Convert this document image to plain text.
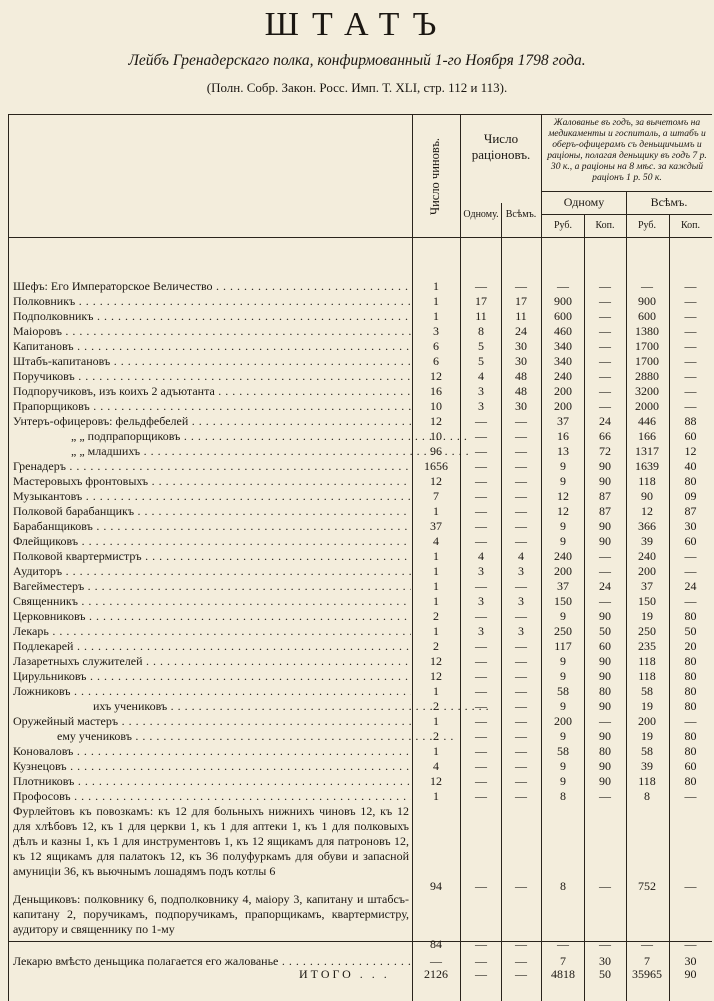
ШТАТЪ
Лейбъ Гренадерскаго полка, конфирмованный 1-го Ноября 1798 года.
(Полн. Собр. Закон. Росс. Имп. Т. XLI, стр. 112 и 113).
Число чиновъ.	Число раціоновъ.
Одному. Всѣмъ.
Жалованье въ годъ, за вычетомъ на медикаменты и госпиталь, а штабъ и оберъ-офицерамъ съ деньщичьимъ и раціоны, полагая деньщику въ годъ 7 р. 30 к., а раціоны на 8 мѣс. за каждый раціонъ 1 р. 50 к.
Одному	Всѣмъ.
Руб.	Коп.	Руб.	Коп.
Шефъ: Его Императорское Величество . . .	1	—	—	—	—	—	—
Полковникъ . . .	1	17	17	900	—	900	—
Подполковникъ . . .	1	11	11	600	—	600	—
Маіоровъ . . .	3	8	24	460	—	1380	—
Капитановъ . . .	6	5	30	340	—	1700	—
Штабъ-капитановъ . . .	6	5	30	340	—	1700	—
Поручиковъ . . .	12	4	48	240	—	2880	—
Подпоручиковъ, изъ коихъ 2 адъютанта . . .	16	3	48	200	—	3200	—
Прапорщиковъ . . .	10	3	30	200	—	2000	—
Унтеръ-офицеровъ: фельдфебелей . . .	12	—	—	37	24	446	88
„ „ подпрапорщиковъ . . .	10	—	—	16	66	166	60
„ „ младшихъ . . .	96	—	—	13	72	1317	12
Гренадеръ . . .	1656	—	—	9	90	1639	40
Мастеровыхъ фронтовыхъ . . .	12	—	—	9	90	118	80
Музыкантовъ . . .	7	—	—	12	87	90	09
Полковой барабанщикъ . . .	1	—	—	12	87	12	87
Барабанщиковъ . . .	37	—	—	9	90	366	30
Флейщиковъ . . .	4	—	—	9	90	39	60
Полковой квартермистръ . . .	1	4	4	240	—	240	—
Аудиторъ . . .	1	3	3	200	—	200	—
Вагейместеръ . . .	1	—	—	37	24	37	24
Священникъ . . .	1	3	3	150	—	150	—
Церковниковъ . . .	2	—	—	9	90	19	80
Лекарь . . .	1	3	3	250	50	250	50
Подлекарей . . .	2	—	—	117	60	235	20
Лазаретныхъ служителей . . .	12	—	—	9	90	118	80
Цирульниковъ . . .	12	—	—	9	90	118	80
Ложниковъ . . .	1	—	—	58	80	58	80
ихъ учениковъ . . .	2	—	—	9	90	19	80
Оружейный мастеръ . . .	1	—	—	200	—	200	—
ему учениковъ . . .	2	—	—	9	90	19	80
Коноваловъ . . .	1	—	—	58	80	58	80
Кузнецовъ . . .	4	—	—	9	90	39	60
Плотниковъ . . .	12	—	—	9	90	118	80
Профосовъ . . .	1	—	—	8	—	8	—
Фурлейтовъ къ повозкамъ: къ 12 для больныхъ нижнихъ чиновъ 12, къ 12 для хлѣбовъ 12, къ 1 для церкви 1, къ 1 для аптеки 1, къ 1 для полковыхъ дѣлъ и казны 1, къ 1 для инструментовъ 1, къ 12 ящикамъ для патроновъ 12, къ 12 ящикамъ для палатокъ 12, къ 36 полуфуркамъ для обуви и запасной амуниціи 36, къ вьючнымъ лошадямъ подъ котлы 6
94	—	—	8	—	752	—
Деньщиковъ: полковнику 6, подполковнику 4, маіору 3, капитану и штабсъ-капитану 2, поручикамъ, подпоручикамъ, прапорщикамъ, квартермистру, аудитору и священнику по 1-му
84	—	—	—	—	—	—
Лекарю вмѣсто деньщика полагается его жалованье . . .	—	—	—	7	30	7	30
ИТОГО . . .	2126	—	—	4818	50	35965	90
